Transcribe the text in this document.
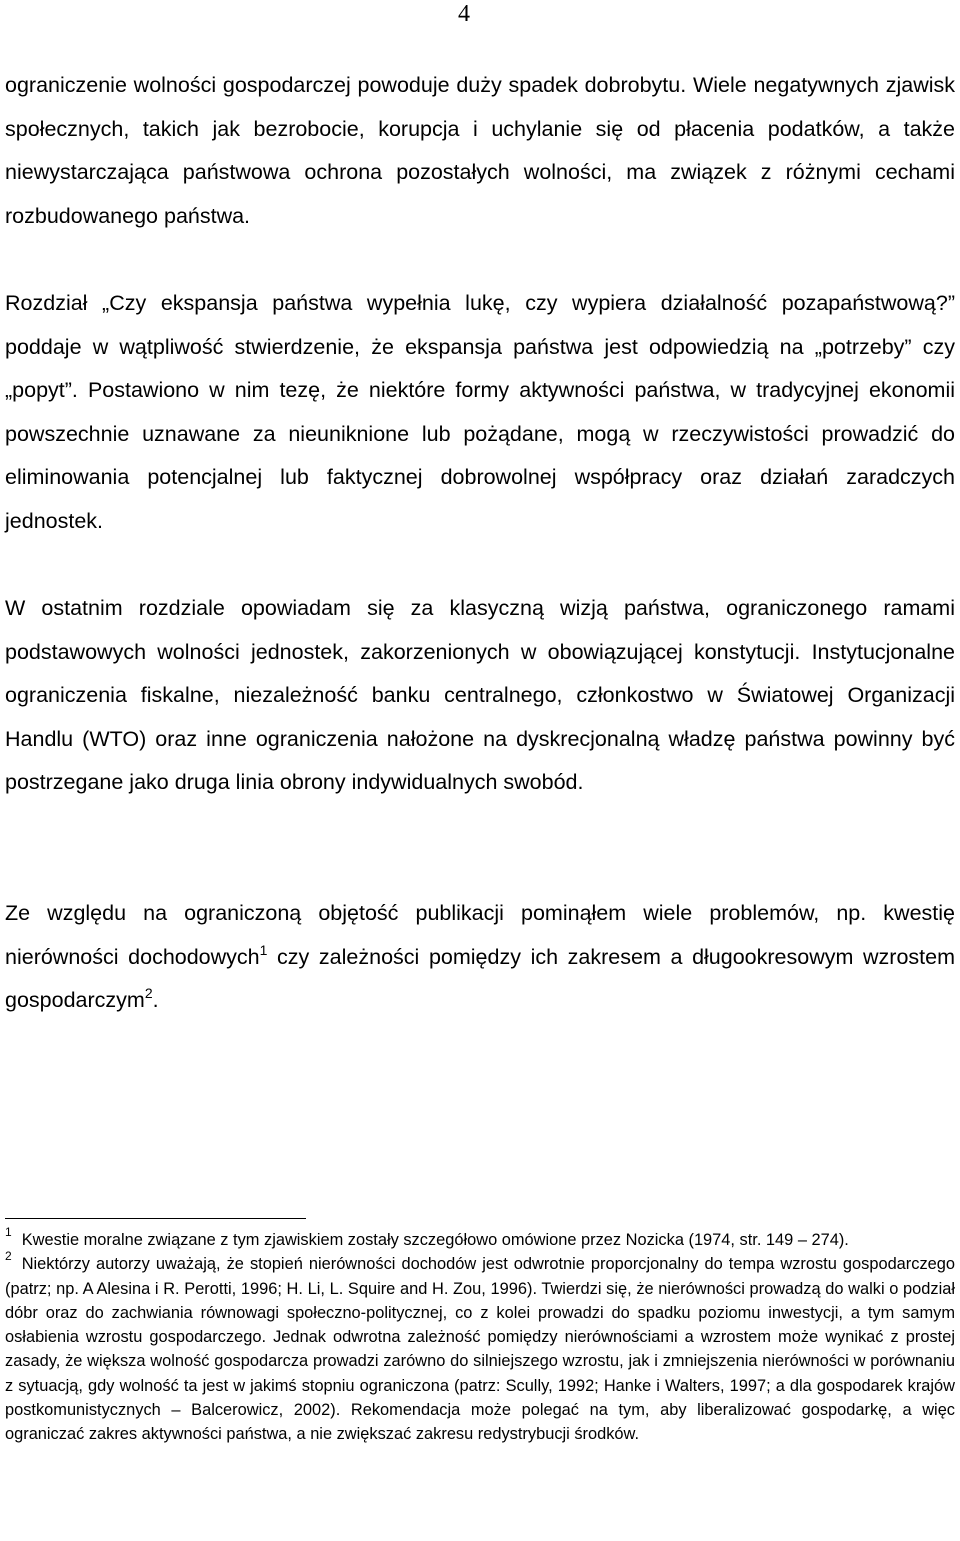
4

ograniczenie wolności gospodarczej powoduje duży spadek dobrobytu. Wiele negatywnych zjawisk społecznych, takich jak bezrobocie, korupcja i uchylanie się od płacenia podatków, a także niewystarczająca państwowa ochrona pozostałych wolności, ma związek z różnymi cechami rozbudowanego państwa.

Rozdział „Czy ekspansja państwa wypełnia lukę, czy wypiera działalność pozapaństwową?” poddaje w wątpliwość stwierdzenie, że ekspansja państwa jest odpowiedzią na „potrzeby” czy „popyt”. Postawiono w nim tezę, że niektóre formy aktywności państwa, w tradycyjnej ekonomii powszechnie uznawane za nieuniknione lub pożądane, mogą w rzeczywistości prowadzić do eliminowania potencjalnej lub faktycznej dobrowolnej współpracy oraz działań zaradczych jednostek.

W ostatnim rozdziale opowiadam się za klasyczną wizją państwa, ograniczonego ramami podstawowych wolności jednostek, zakorzenionych w obowiązującej konstytucji. Instytucjonalne ograniczenia fiskalne, niezależność banku centralnego, członkostwo w Światowej Organizacji Handlu (WTO) oraz inne ograniczenia nałożone na dyskrecjonalną władzę państwa powinny być postrzegane jako druga linia obrony indywidualnych swobód.

Ze względu na ograniczoną objętość publikacji pominąłem wiele problemów, np. kwestię nierówności dochodowych$^1$ czy zależności pomiędzy ich zakresem a długookresowym wzrostem gospodarczym$^2$.

$^1$ Kwestie moralne związane z tym zjawiskiem zostały szczegółowo omówione przez Nozicka (1974, str. 149 – 274).

$^2$ Niektórzy autorzy uważają, że stopień nierówności dochodów jest odwrotnie proporcjonalny do tempa wzrostu gospodarczego (patrz; np. A Alesina i R. Perotti, 1996; H. Li, L. Squire and H. Zou, 1996). Twierdzi się, że nierówności prowadzą do walki o podział dóbr oraz do zachwiania równowagi społeczno-politycznej, co z kolei prowadzi do spadku poziomu inwestycji, a tym samym osłabienia wzrostu gospodarczego. Jednak odwrotna zależność pomiędzy nierównościami a wzrostem może wynikać z prostej zasady, że większa wolność gospodarcza prowadzi zarówno do silniejszego wzrostu, jak i zmniejszenia nierówności w porównaniu z sytuacją, gdy wolność ta jest w jakimś stopniu ograniczona (patrz: Scully, 1992; Hanke i Walters, 1997; a dla gospodarek krajów postkomunistycznych – Balcerowicz, 2002). Rekomendacja może polegać na tym, aby liberalizować gospodarkę, a więc ograniczać zakres aktywności państwa, a nie zwiększać zakresu redystrybucji środków.
